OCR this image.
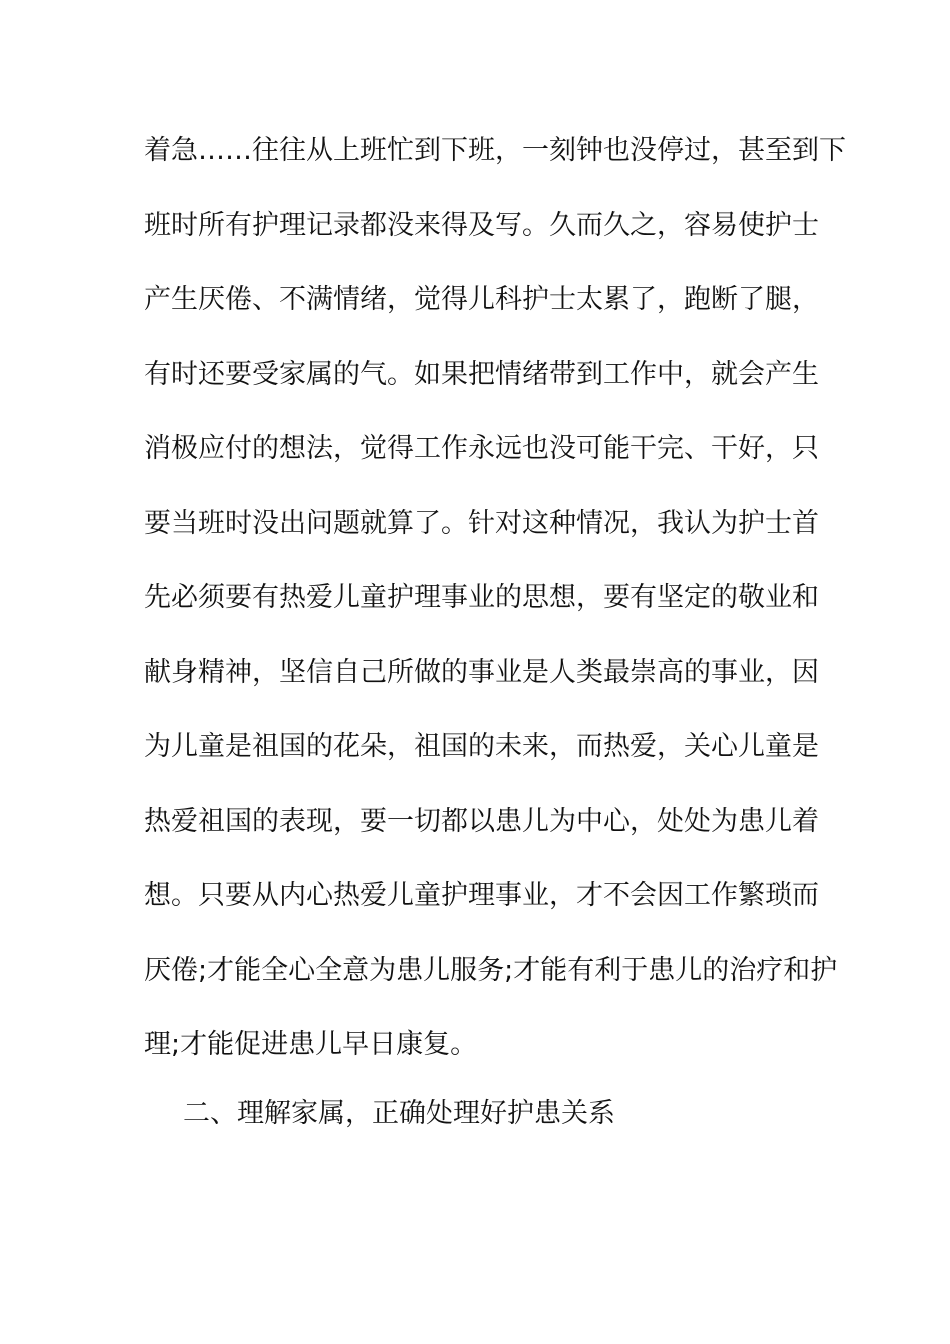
着急……往往从上班忙到下班，一刻钟也没停过，甚至到下
班时所有护理记录都没来得及写。久而久之，容易使护士
产生厌倦、不满情绪，觉得儿科护士太累了，跑断了腿，
有时还要受家属的气。如果把情绪带到工作中，就会产生
消极应付的想法，觉得工作永远也没可能干完、干好，只
要当班时没出问题就算了。针对这种情况，我认为护士首
先必须要有热爱儿童护理事业的思想，要有坚定的敬业和
献身精神，坚信自己所做的事业是人类最崇高的事业，因
为儿童是祖国的花朵，祖国的未来，而热爱，关心儿童是
热爱祖国的表现，要一切都以患儿为中心，处处为患儿着
想。只要从内心热爱儿童护理事业，才不会因工作繁琐而
厌倦;才能全心全意为患儿服务;才能有利于患儿的治疗和护
理;才能促进患儿早日康复。
二、理解家属，正确处理好护患关系
